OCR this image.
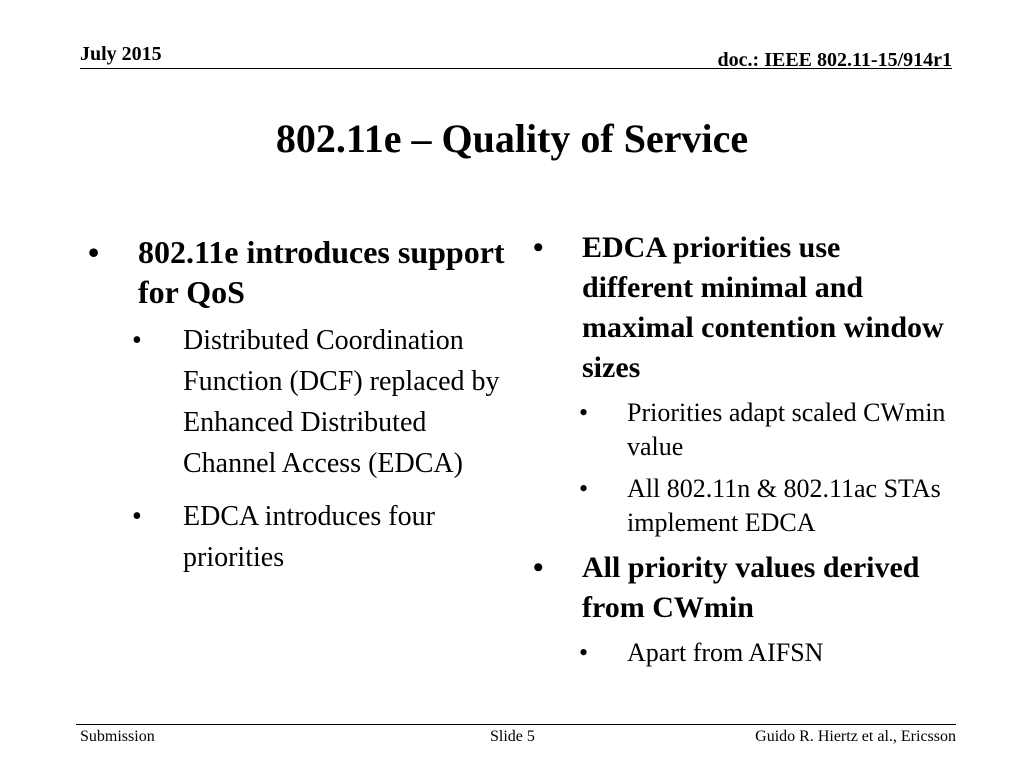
July 2015	doc.: IEEE 802.11-15/914r1
802.11e – Quality of Service
• 802.11e introduces support for QoS
• Distributed Coordination Function (DCF) replaced by Enhanced Distributed Channel Access (EDCA)
• EDCA introduces four priorities
• EDCA priorities use different minimal and maximal contention window sizes
• Priorities adapt scaled CWmin value
• All 802.11n & 802.11ac STAs implement EDCA
• All priority values derived from CWmin
• Apart from AIFSN
Submission	Slide 5	Guido R. Hiertz et al., Ericsson
